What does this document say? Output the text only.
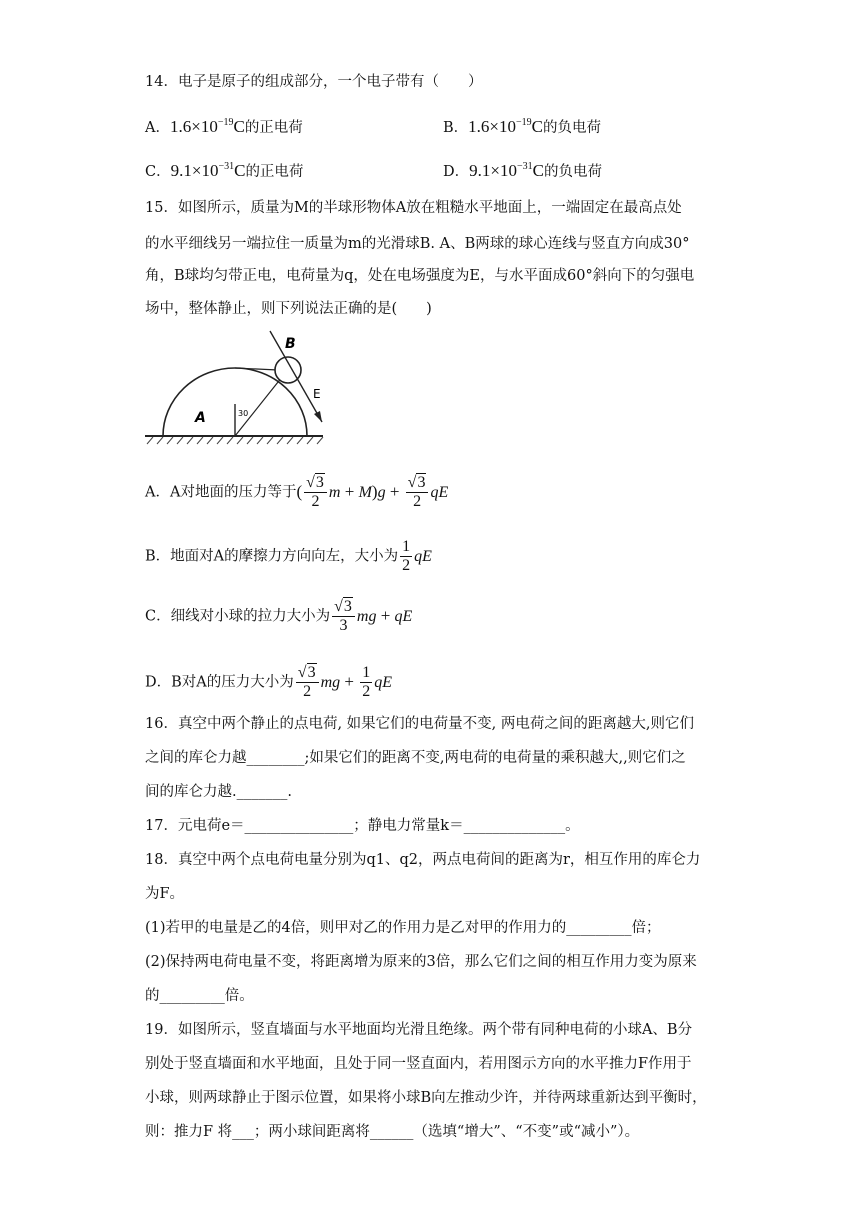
14．电子是原子的组成部分，一个电子带有（　　）
A．$1.6\times 10^{-19}C$的正电荷	B．$1.6\times 10^{-19}C$的负电荷
C．$9.1\times 10^{-31}C$的正电荷	D．$9.1\times 10^{-31}C$的负电荷
15．如图所示，质量为M的半球形物体A放在粗糙水平地面上，一端固定在最高点处
的水平细线另一端拉住一质量为m的光滑球B. A、B两球的球心连线与竖直方向成30°
角，B球均匀带正电，电荷量为q，处在电场强度为E，与水平面成60°斜向下的匀强电
场中，整体静止，则下列说法正确的是(　　)
B
E
A	30
A．A对地面的压力等于( $\frac{√3}{2}$ $m + M)g + \frac{√3}{2}$ qE
B．地面对A的摩擦力方向向左，大小为 $\frac{1}{2}$ qE
C．细线对小球的拉力大小为 $\frac{√3}{3}$ mg + qE
D．B对A的压力大小为 $\frac{√3}{2}$ mg + $\frac{1}{2}$ qE
16．真空中两个静止的点电荷, 如果它们的电荷量不变, 两电荷之间的距离越大,则它们
之间的库仑力越________;如果它们的距离不变,两电荷的电荷量的乘积越大,,则它们之
间的库仑力越._______.
17．元电荷e＝_______________；静电力常量k＝______________。
18．真空中两个点电荷电量分别为q1、q2，两点电荷间的距离为r，相互作用的库仑力
为F。
(1)若甲的电量是乙的4倍，则甲对乙的作用力是乙对甲的作用力的_________倍；
(2)保持两电荷电量不变，将距离增为原来的3倍，那么它们之间的相互作用力变为原来
的_________倍。
19．如图所示，竖直墙面与水平地面均光滑且绝缘。两个带有同种电荷的小球A、B分
别处于竖直墙面和水平地面，且处于同一竖直面内，若用图示方向的水平推力F作用于
小球，则两球静止于图示位置，如果将小球B向左推动少许，并待两球重新达到平衡时，
则：推力F 将___；两小球间距离将______（选填“增大”、“不变”或“减小”）。
